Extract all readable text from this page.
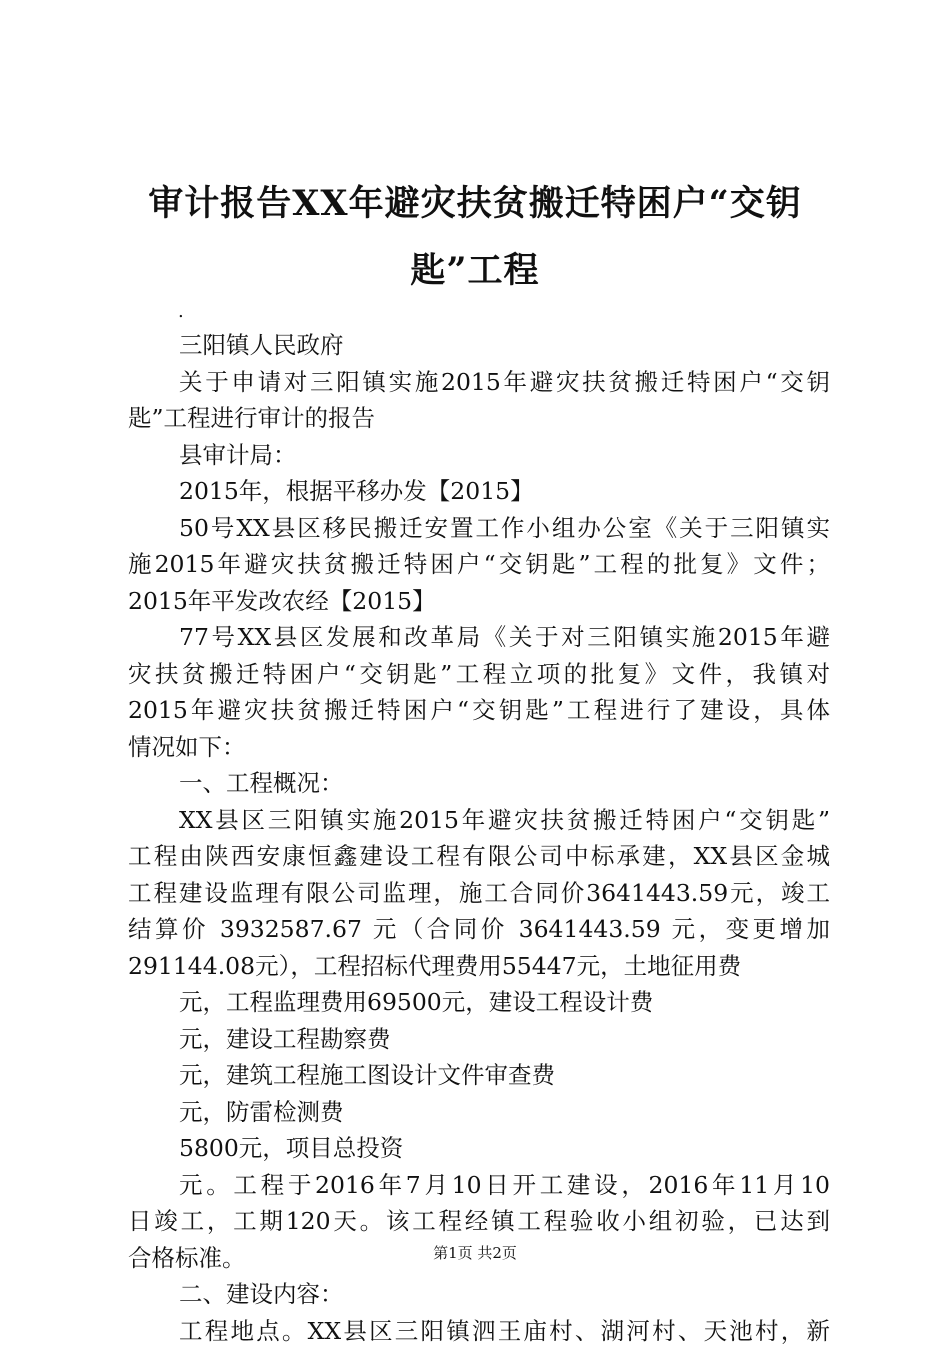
审计报告XX年避灾扶贫搬迁特困户“交钥
匙”工程
.
三阳镇人民政府
关于申请对三阳镇实施2015年避灾扶贫搬迁特困户“交钥
匙”工程进行审计的报告
县审计局：
2015年，根据平移办发【2015】
50号XX县区移民搬迁安置工作小组办公室《关于三阳镇实
施2015年避灾扶贫搬迁特困户“交钥匙”工程的批复》文件；
2015年平发改农经【2015】
77号XX县区发展和改革局《关于对三阳镇实施2015年避
灾扶贫搬迁特困户“交钥匙”工程立项的批复》文件，我镇对
2015年避灾扶贫搬迁特困户“交钥匙”工程进行了建设，具体
情况如下：
一、工程概况：
XX县区三阳镇实施2015年避灾扶贫搬迁特困户“交钥匙”
工程由陕西安康恒鑫建设工程有限公司中标承建，XX县区金城
工程建设监理有限公司监理，施工合同价3641443.59元，竣工
结算价 3932587.67 元（合同价 3641443.59 元，变更增加
291144.08元），工程招标代理费用55447元，土地征用费
元，工程监理费用69500元，建设工程设计费
元，建设工程勘察费
元，建筑工程施工图设计文件审查费
元，防雷检测费
5800元，项目总投资
元。工程于2016年7月10日开工建设，2016年11月10
日竣工，工期120天。该工程经镇工程验收小组初验，已达到
合格标准。
二、建设内容：
工程地点。XX县区三阳镇泗王庙村、湖河村、天池村，新
第1页 共2页
